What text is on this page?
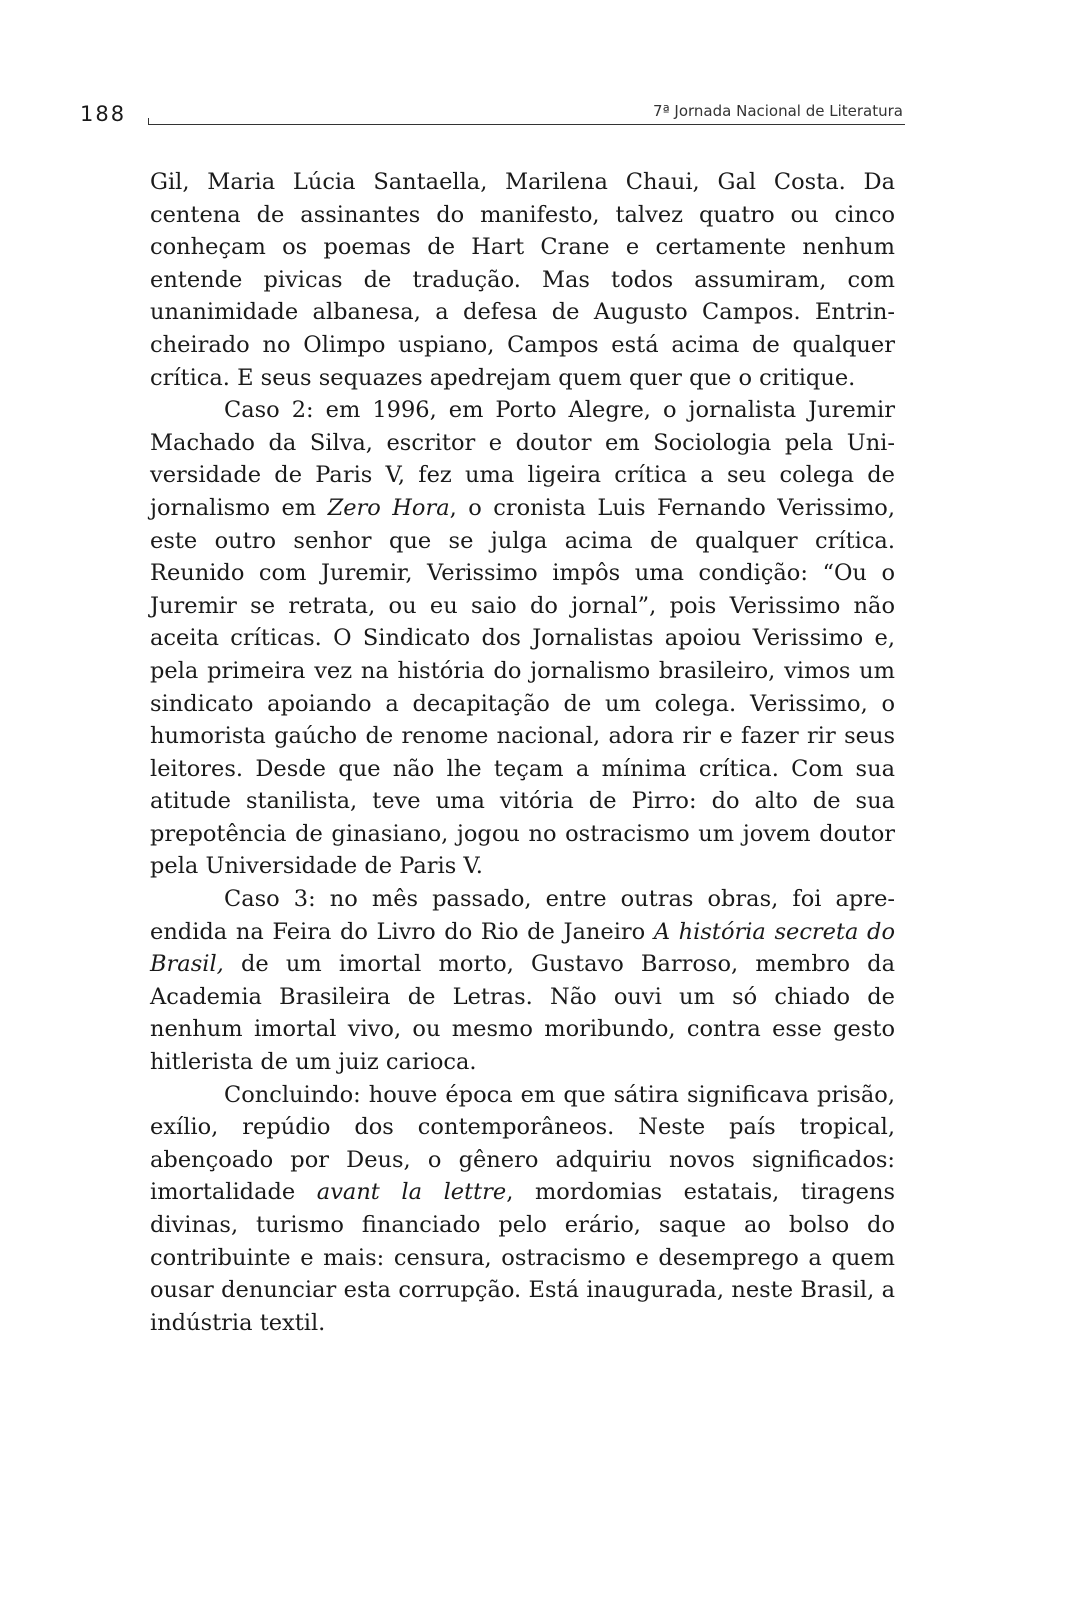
188	7ª Jornada Nacional de Literatura

Gil, Maria Lúcia Santaella, Marilena Chaui, Gal Costa. Da centena de assinantes do manifesto, talvez quatro ou cinco conheçam os poemas de Hart Crane e certamente nenhum entende pivicas de tradução. Mas todos assumiram, com unanimidade albanesa, a defesa de Augusto Campos. Entrincheirado no Olimpo uspiano, Campos está acima de qualquer crítica. E seus sequazes apedrejam quem quer que o critique.

Caso 2: em 1996, em Porto Alegre, o jornalista Juremir Machado da Silva, escritor e doutor em Sociologia pela Universidade de Paris V, fez uma ligeira crítica a seu colega de jornalismo em Zero Hora, o cronista Luis Fernando Verissimo, este outro senhor que se julga acima de qualquer crítica. Reunido com Juremir, Verissimo impôs uma condição: “Ou o Juremir se retrata, ou eu saio do jornal”, pois Verissimo não aceita críticas. O Sindicato dos Jornalistas apoiou Verissimo e, pela primeira vez na história do jornalismo brasileiro, vimos um sindicato apoiando a decapitação de um colega. Verissimo, o humorista gaúcho de renome nacional, adora rir e fazer rir seus leitores. Desde que não lhe teçam a mínima crítica. Com sua atitude stanilista, teve uma vitória de Pirro: do alto de sua prepotência de ginasiano, jogou no ostracismo um jovem doutor pela Universidade de Paris V.

Caso 3: no mês passado, entre outras obras, foi apreendida na Feira do Livro do Rio de Janeiro A história secreta do Brasil, de um imortal morto, Gustavo Barroso, membro da Academia Brasileira de Letras. Não ouvi um só chiado de nenhum imortal vivo, ou mesmo moribundo, contra esse gesto hitlerista de um juiz carioca.

Concluindo: houve época em que sátira significava prisão, exílio, repúdio dos contemporâneos. Neste país tropical, abençoado por Deus, o gênero adquiriu novos significados: imortalidade avant la lettre, mordomias estatais, tiragens divinas, turismo financiado pelo erário, saque ao bolso do contribuinte e mais: censura, ostracismo e desemprego a quem ousar denunciar esta corrupção. Está inaugurada, neste Brasil, a indústria textil.
